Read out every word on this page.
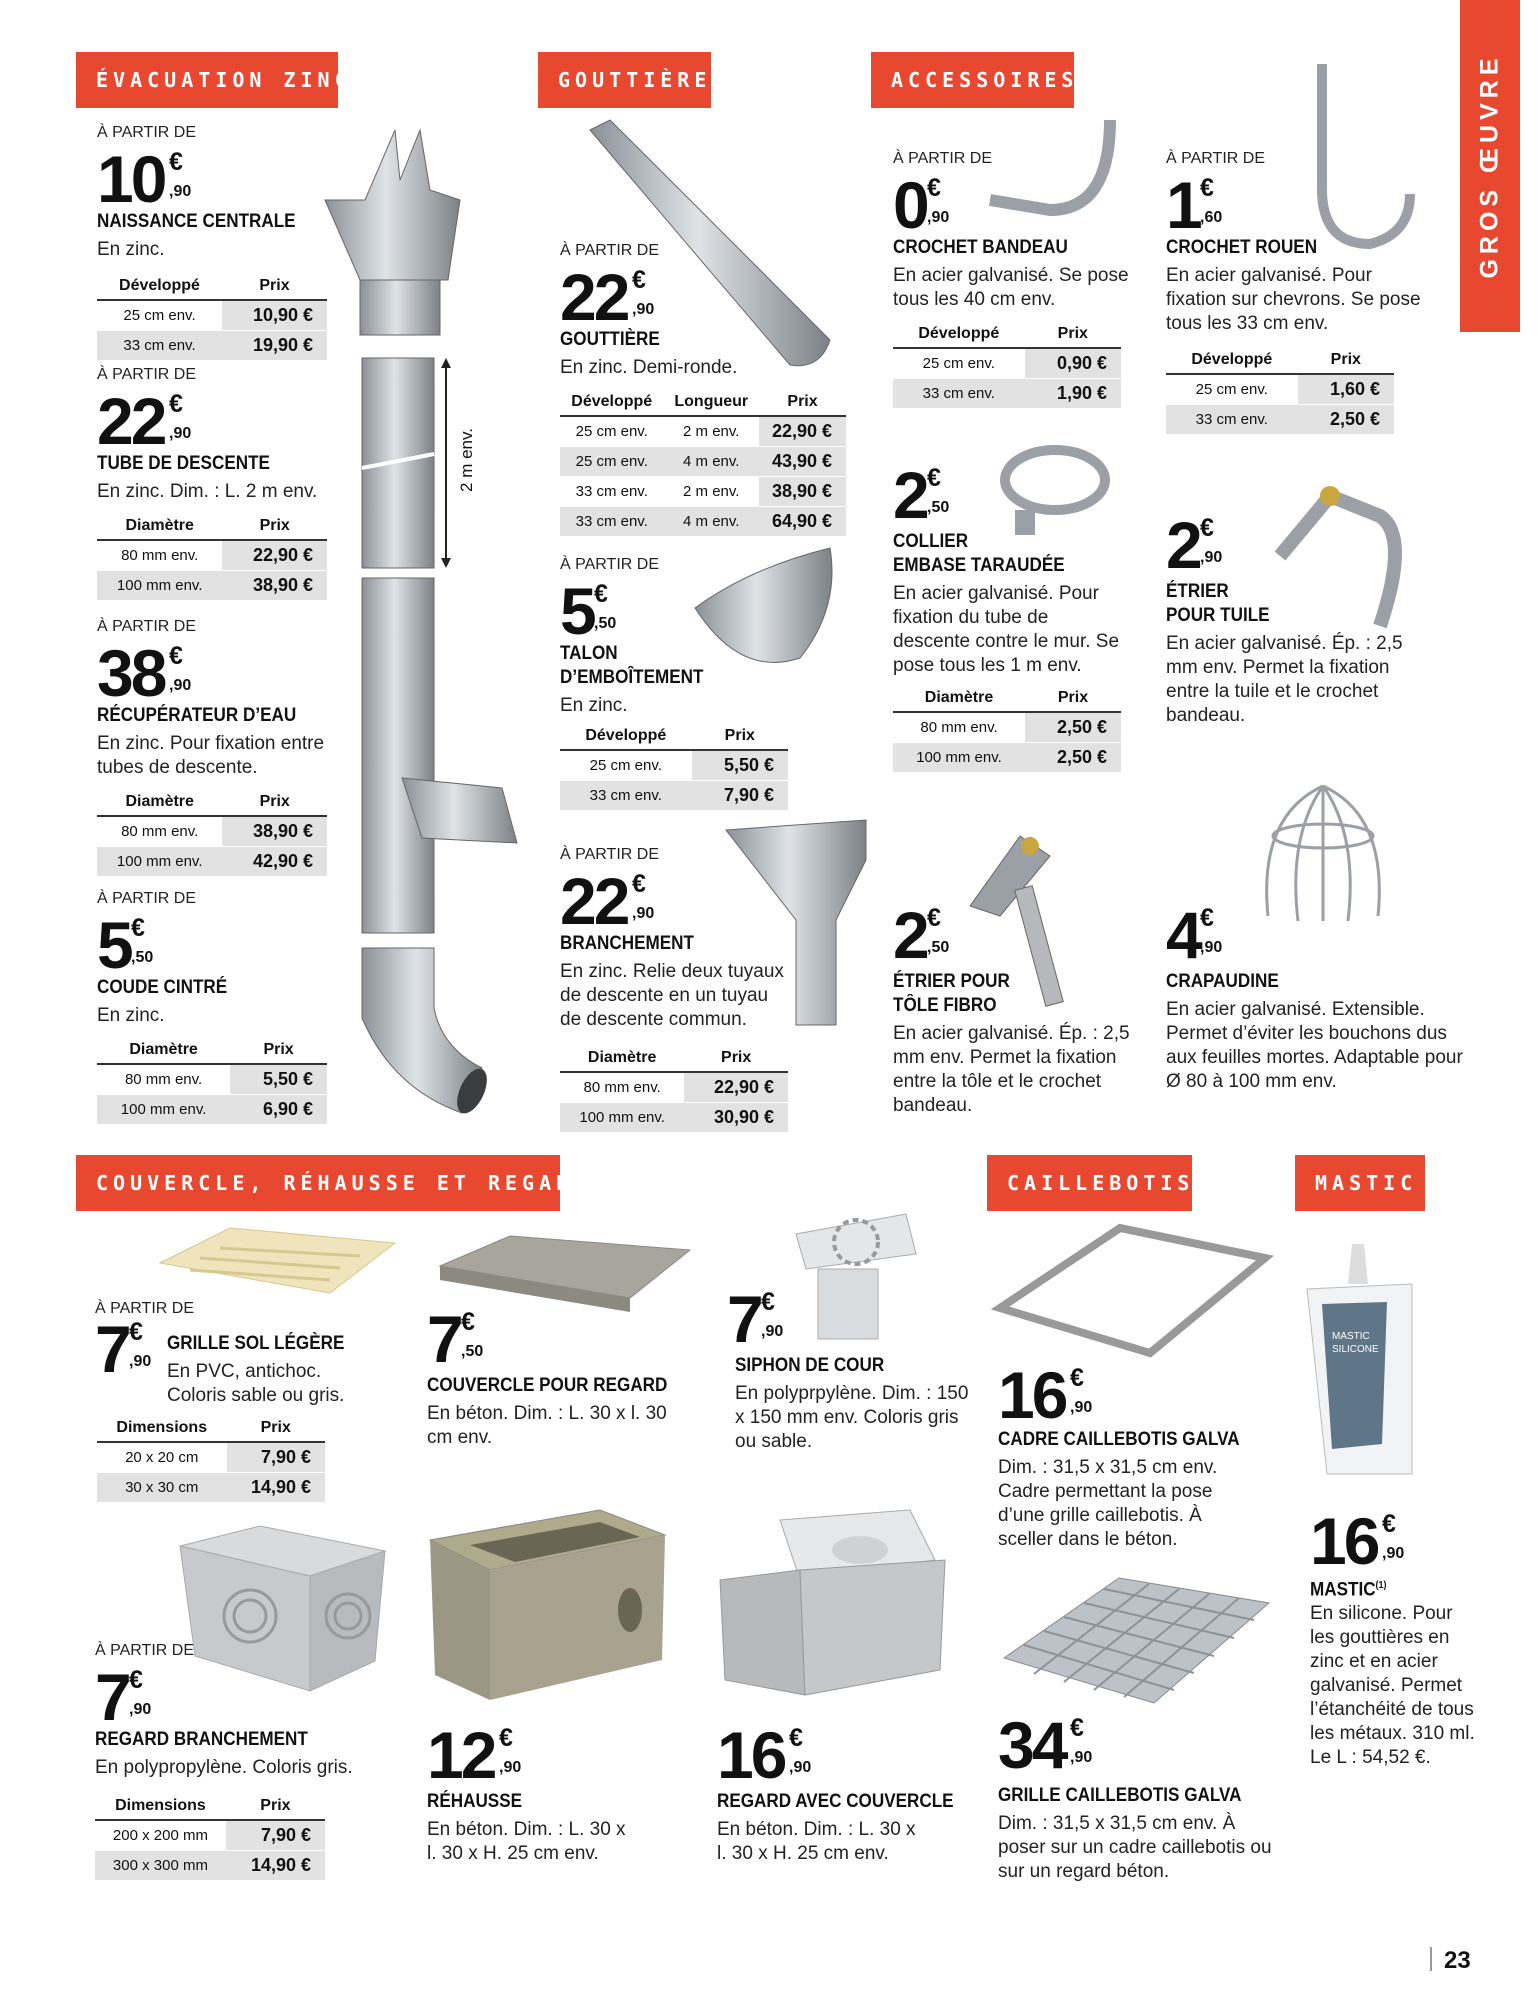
ÉVACUATION ZINC	GOUTTIÈRE	ACCESSOIRES
COUVERCLE, RÉHAUSSE ET REGARDS	CAILLEBOTIS	MASTIC
GROS ŒUVRE
À PARTIR DE
10 €
,90
NAISSANCE CENTRALE
En zinc.
Développé	Prix
25 cm env.	10,90 €
33 cm env.	19,90 €
À PARTIR DE
22 €
,90
TUBE DE DESCENTE
En zinc. Dim. : L. 2 m env.
Diamètre	Prix
80 mm env.	22,90 €
100 mm env.	38,90 €
À PARTIR DE
38 €
,90
RÉCUPÉRATEUR D’EAU
En zinc. Pour fixation entre tubes de descente.
Diamètre	Prix
80 mm env.	38,90 €
100 mm env.	42,90 €
À PARTIR DE
5 €
,50
COUDE CINTRÉ
En zinc.
Diamètre	Prix
80 mm env.	5,50 €
100 mm env.	6,90 €
2 m env.
À PARTIR DE
22 €
,90
GOUTTIÈRE
En zinc. Demi-ronde.
Développé	Longueur	Prix
25 cm env.	2 m env.	22,90 €
25 cm env.	4 m env.	43,90 €
33 cm env.	2 m env.	38,90 €
33 cm env.	4 m env.	64,90 €
À PARTIR DE
5 €
,50
TALON
D’EMBOÎTEMENT
En zinc.
Développé	Prix
25 cm env.	5,50 €
33 cm env.	7,90 €
À PARTIR DE
22 €
,90
BRANCHEMENT
En zinc. Relie deux tuyaux de descente en un tuyau de descente commun.
Diamètre	Prix
80 mm env.	22,90 €
100 mm env.	30,90 €
À PARTIR DE
0 €
,90
CROCHET BANDEAU
En acier galvanisé. Se pose tous les 40 cm env.
Développé	Prix
25 cm env.	0,90 €
33 cm env.	1,90 €
À PARTIR DE
1 €
,60
CROCHET ROUEN
En acier galvanisé. Pour fixation sur chevrons. Se pose tous les 33 cm env.
Développé	Prix
25 cm env.	1,60 €
33 cm env.	2,50 €
2 €
,50
COLLIER
EMBASE TARAUDÉE
En acier galvanisé. Pour fixation du tube de descente contre le mur. Se pose tous les 1 m env.
Diamètre	Prix
80 mm env.	2,50 €
100 mm env.	2,50 €
2 €
,90
ÉTRIER
POUR TUILE
En acier galvanisé. Ép. : 2,5 mm env. Permet la fixation entre la tuile et le crochet bandeau.
2 €
,50
ÉTRIER POUR
TÔLE FIBRO
En acier galvanisé. Ép. : 2,5 mm env. Permet la fixation entre la tôle et le crochet bandeau.
4 €
,90
CRAPAUDINE
En acier galvanisé. Extensible. Permet d’éviter les bouchons dus aux feuilles mortes. Adaptable pour Ø 80 à 100 mm env.
À PARTIR DE
7 €
,90
GRILLE SOL LÉGÈRE
En PVC, antichoc. Coloris sable ou gris.
Dimensions	Prix
20 x 20 cm	7,90 €
30 x 30 cm	14,90 €
7 €
,50
COUVERCLE POUR REGARD
En béton. Dim. : L. 30 x l. 30 cm env.
7 €
,90
SIPHON DE COUR
En polyprpylène. Dim. : 150 x 150 mm env. Coloris gris ou sable.
16 €
,90
CADRE CAILLEBOTIS GALVA
Dim. : 31,5 x 31,5 cm env. Cadre permettant la pose d’une grille caillebotis. À sceller dans le béton.
MASTIC
SILICONE
16 €
,90
MASTIC$^{(1)}$
En silicone. Pour les gouttières en zinc et en acier galvanisé. Permet l’étanchéité de tous les métaux. 310 ml. Le L : 54,52 €.
À PARTIR DE
7 €
,90
REGARD BRANCHEMENT
En polypropylène. Coloris gris.
Dimensions	Prix
200 x 200 mm	7,90 €
300 x 300 mm	14,90 €
12 €
,90
RÉHAUSSE
En béton. Dim. : L. 30 x l. 30 x H. 25 cm env.
16 €
,90
REGARD AVEC COUVERCLE
En béton. Dim. : L. 30 x l. 30 x H. 25 cm env.
34 €
,90
GRILLE CAILLEBOTIS GALVA
Dim. : 31,5 x 31,5 cm env. À poser sur un cadre caillebotis ou sur un regard béton.
23
